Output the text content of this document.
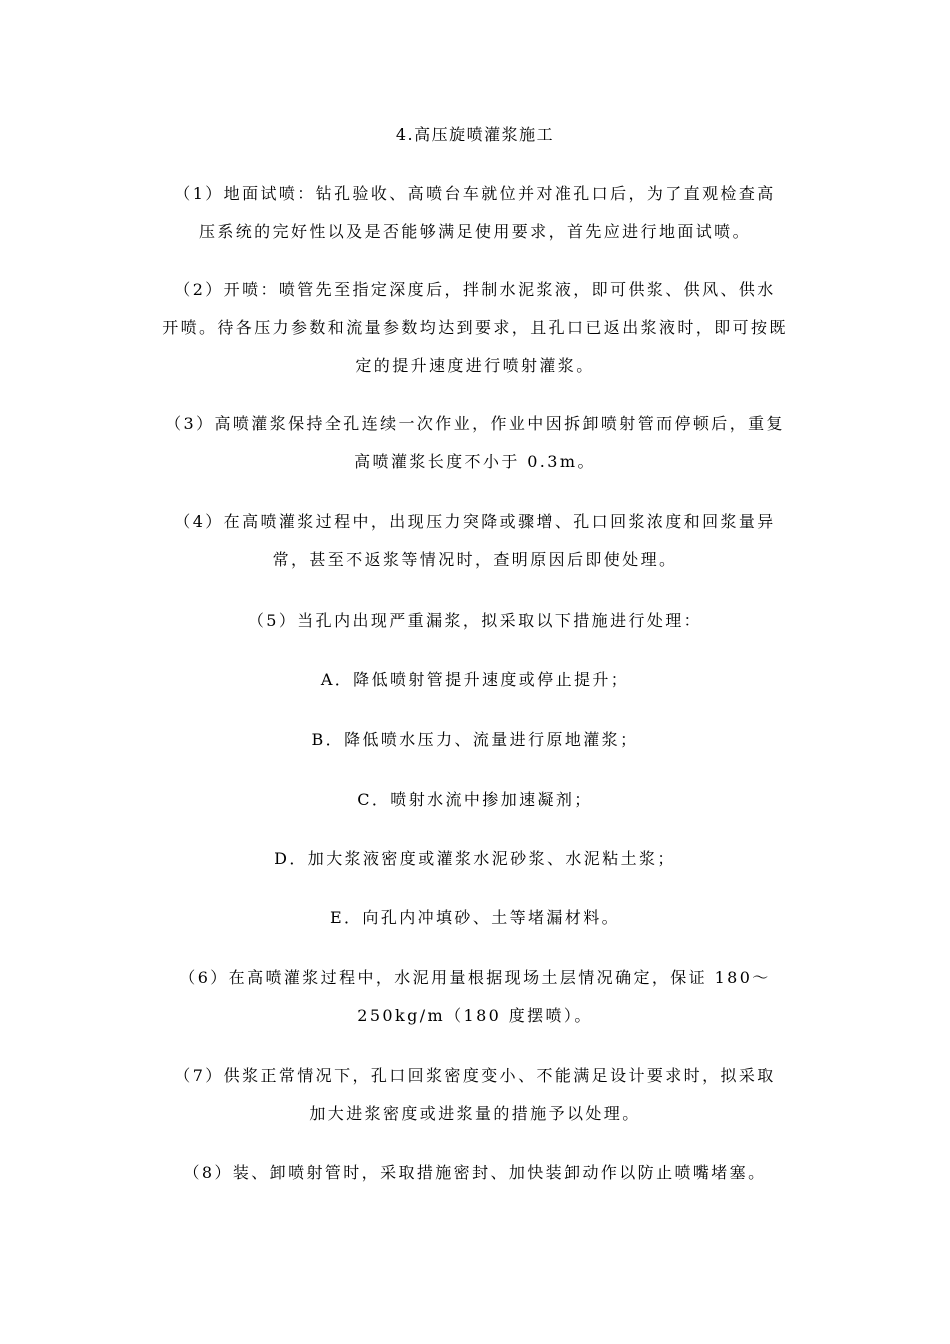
4.高压旋喷灌浆施工
（1）地面试喷：钻孔验收、高喷台车就位并对准孔口后，为了直观检查高
压系统的完好性以及是否能够满足使用要求，首先应进行地面试喷。
（2）开喷：喷管先至指定深度后，拌制水泥浆液，即可供浆、供风、供水
开喷。待各压力参数和流量参数均达到要求，且孔口已返出浆液时，即可按既
定的提升速度进行喷射灌浆。
（3）高喷灌浆保持全孔连续一次作业，作业中因拆卸喷射管而停顿后，重复
高喷灌浆长度不小于 0.3m。
（4）在高喷灌浆过程中，出现压力突降或骤增、孔口回浆浓度和回浆量异
常，甚至不返浆等情况时，查明原因后即使处理。
（5）当孔内出现严重漏浆，拟采取以下措施进行处理：
A．降低喷射管提升速度或停止提升；
B．降低喷水压力、流量进行原地灌浆；
C．喷射水流中掺加速凝剂；
D．加大浆液密度或灌浆水泥砂浆、水泥粘土浆；
E．向孔内冲填砂、土等堵漏材料。
（6）在高喷灌浆过程中，水泥用量根据现场土层情况确定，保证 180～
250kg/m（180 度摆喷）。
（7）供浆正常情况下，孔口回浆密度变小、不能满足设计要求时，拟采取
加大进浆密度或进浆量的措施予以处理。
（8）装、卸喷射管时，采取措施密封、加快装卸动作以防止喷嘴堵塞。
